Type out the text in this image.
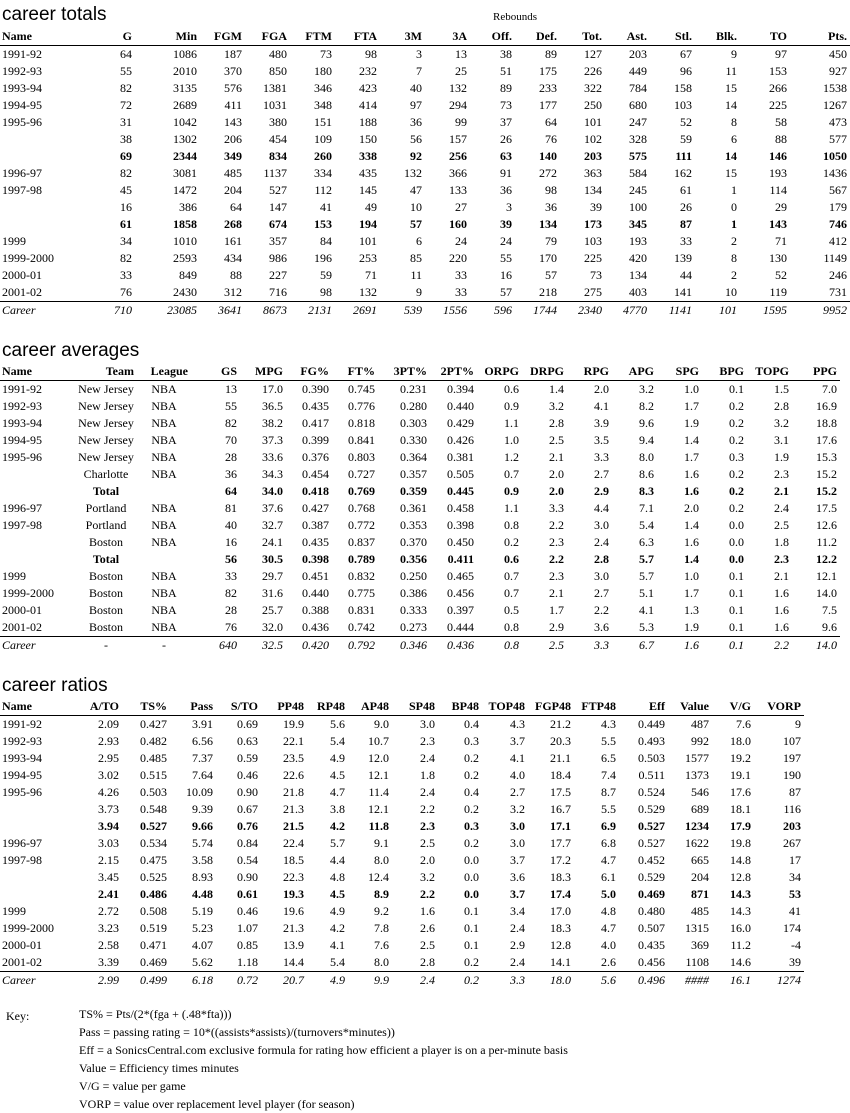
career totals	Rebounds
Name	G	Min	FGM	FGA	FTM	FTA	3M	3A	Off.	Def.	Tot.	Ast.	Stl.	Blk.	TO	Pts.
1991-92	64	1086	187	480	73	98	3	13	38	89	127	203	67	9	97	450
1992-93	55	2010	370	850	180	232	7	25	51	175	226	449	96	11	153	927
1993-94	82	3135	576	1381	346	423	40	132	89	233	322	784	158	15	266	1538
1994-95	72	2689	411	1031	348	414	97	294	73	177	250	680	103	14	225	1267
1995-96	31	1042	143	380	151	188	36	99	37	64	101	247	52	8	58	473
	38	1302	206	454	109	150	56	157	26	76	102	328	59	6	88	577
	69	2344	349	834	260	338	92	256	63	140	203	575	111	14	146	1050
1996-97	82	3081	485	1137	334	435	132	366	91	272	363	584	162	15	193	1436
1997-98	45	1472	204	527	112	145	47	133	36	98	134	245	61	1	114	567
	16	386	64	147	41	49	10	27	3	36	39	100	26	0	29	179
	61	1858	268	674	153	194	57	160	39	134	173	345	87	1	143	746
1999	34	1010	161	357	84	101	6	24	24	79	103	193	33	2	71	412
1999-2000	82	2593	434	986	196	253	85	220	55	170	225	420	139	8	130	1149
2000-01	33	849	88	227	59	71	11	33	16	57	73	134	44	2	52	246
2001-02	76	2430	312	716	98	132	9	33	57	218	275	403	141	10	119	731
Career	710	23085	3641	8673	2131	2691	539	1556	596	1744	2340	4770	1141	101	1595	9952
career averages
Name	Team	League	GS	MPG	FG%	FT%	3PT%	2PT%	ORPG	DRPG	RPG	APG	SPG	BPG	TOPG	PPG
1991-92	New Jersey	NBA	13	17.0	0.390	0.745	0.231	0.394	0.6	1.4	2.0	3.2	1.0	0.1	1.5	7.0
1992-93	New Jersey	NBA	55	36.5	0.435	0.776	0.280	0.440	0.9	3.2	4.1	8.2	1.7	0.2	2.8	16.9
1993-94	New Jersey	NBA	82	38.2	0.417	0.818	0.303	0.429	1.1	2.8	3.9	9.6	1.9	0.2	3.2	18.8
1994-95	New Jersey	NBA	70	37.3	0.399	0.841	0.330	0.426	1.0	2.5	3.5	9.4	1.4	0.2	3.1	17.6
1995-96	New Jersey	NBA	28	33.6	0.376	0.803	0.364	0.381	1.2	2.1	3.3	8.0	1.7	0.3	1.9	15.3
	Charlotte	NBA	36	34.3	0.454	0.727	0.357	0.505	0.7	2.0	2.7	8.6	1.6	0.2	2.3	15.2
	Total		64	34.0	0.418	0.769	0.359	0.445	0.9	2.0	2.9	8.3	1.6	0.2	2.1	15.2
1996-97	Portland	NBA	81	37.6	0.427	0.768	0.361	0.458	1.1	3.3	4.4	7.1	2.0	0.2	2.4	17.5
1997-98	Portland	NBA	40	32.7	0.387	0.772	0.353	0.398	0.8	2.2	3.0	5.4	1.4	0.0	2.5	12.6
	Boston	NBA	16	24.1	0.435	0.837	0.370	0.450	0.2	2.3	2.4	6.3	1.6	0.0	1.8	11.2
	Total		56	30.5	0.398	0.789	0.356	0.411	0.6	2.2	2.8	5.7	1.4	0.0	2.3	12.2
1999	Boston	NBA	33	29.7	0.451	0.832	0.250	0.465	0.7	2.3	3.0	5.7	1.0	0.1	2.1	12.1
1999-2000	Boston	NBA	82	31.6	0.440	0.775	0.386	0.456	0.7	2.1	2.7	5.1	1.7	0.1	1.6	14.0
2000-01	Boston	NBA	28	25.7	0.388	0.831	0.333	0.397	0.5	1.7	2.2	4.1	1.3	0.1	1.6	7.5
2001-02	Boston	NBA	76	32.0	0.436	0.742	0.273	0.444	0.8	2.9	3.6	5.3	1.9	0.1	1.6	9.6
Career	-	-	640	32.5	0.420	0.792	0.346	0.436	0.8	2.5	3.3	6.7	1.6	0.1	2.2	14.0
career ratios
Name	A/TO	TS%	Pass	S/TO	PP48	RP48	AP48	SP48	BP48	TOP48	FGP48	FTP48	Eff	Value	V/G	VORP
1991-92	2.09	0.427	3.91	0.69	19.9	5.6	9.0	3.0	0.4	4.3	21.2	4.3	0.449	487	7.6	9
1992-93	2.93	0.482	6.56	0.63	22.1	5.4	10.7	2.3	0.3	3.7	20.3	5.5	0.493	992	18.0	107
1993-94	2.95	0.485	7.37	0.59	23.5	4.9	12.0	2.4	0.2	4.1	21.1	6.5	0.503	1577	19.2	197
1994-95	3.02	0.515	7.64	0.46	22.6	4.5	12.1	1.8	0.2	4.0	18.4	7.4	0.511	1373	19.1	190
1995-96	4.26	0.503	10.09	0.90	21.8	4.7	11.4	2.4	0.4	2.7	17.5	8.7	0.524	546	17.6	87
	3.73	0.548	9.39	0.67	21.3	3.8	12.1	2.2	0.2	3.2	16.7	5.5	0.529	689	18.1	116
	3.94	0.527	9.66	0.76	21.5	4.2	11.8	2.3	0.3	3.0	17.1	6.9	0.527	1234	17.9	203
1996-97	3.03	0.534	5.74	0.84	22.4	5.7	9.1	2.5	0.2	3.0	17.7	6.8	0.527	1622	19.8	267
1997-98	2.15	0.475	3.58	0.54	18.5	4.4	8.0	2.0	0.0	3.7	17.2	4.7	0.452	665	14.8	17
	3.45	0.525	8.93	0.90	22.3	4.8	12.4	3.2	0.0	3.6	18.3	6.1	0.529	204	12.8	34
	2.41	0.486	4.48	0.61	19.3	4.5	8.9	2.2	0.0	3.7	17.4	5.0	0.469	871	14.3	53
1999	2.72	0.508	5.19	0.46	19.6	4.9	9.2	1.6	0.1	3.4	17.0	4.8	0.480	485	14.3	41
1999-2000	3.23	0.519	5.23	1.07	21.3	4.2	7.8	2.6	0.1	2.4	18.3	4.7	0.507	1315	16.0	174
2000-01	2.58	0.471	4.07	0.85	13.9	4.1	7.6	2.5	0.1	2.9	12.8	4.0	0.435	369	11.2	-4
2001-02	3.39	0.469	5.62	1.18	14.4	5.4	8.0	2.8	0.2	2.4	14.1	2.6	0.456	1108	14.6	39
Career	2.99	0.499	6.18	0.72	20.7	4.9	9.9	2.4	0.2	3.3	18.0	5.6	0.496	####	16.1	1274
Key:	TS% = Pts/(2*(fga + (.48*fta)))
Pass = passing rating = 10*((assists*assists)/(turnovers*minutes))
Eff = a SonicsCentral.com exclusive formula for rating how efficient a player is on a per-minute basis
Value = Efficiency times minutes
V/G = value per game
VORP = value over replacement level player (for season)
